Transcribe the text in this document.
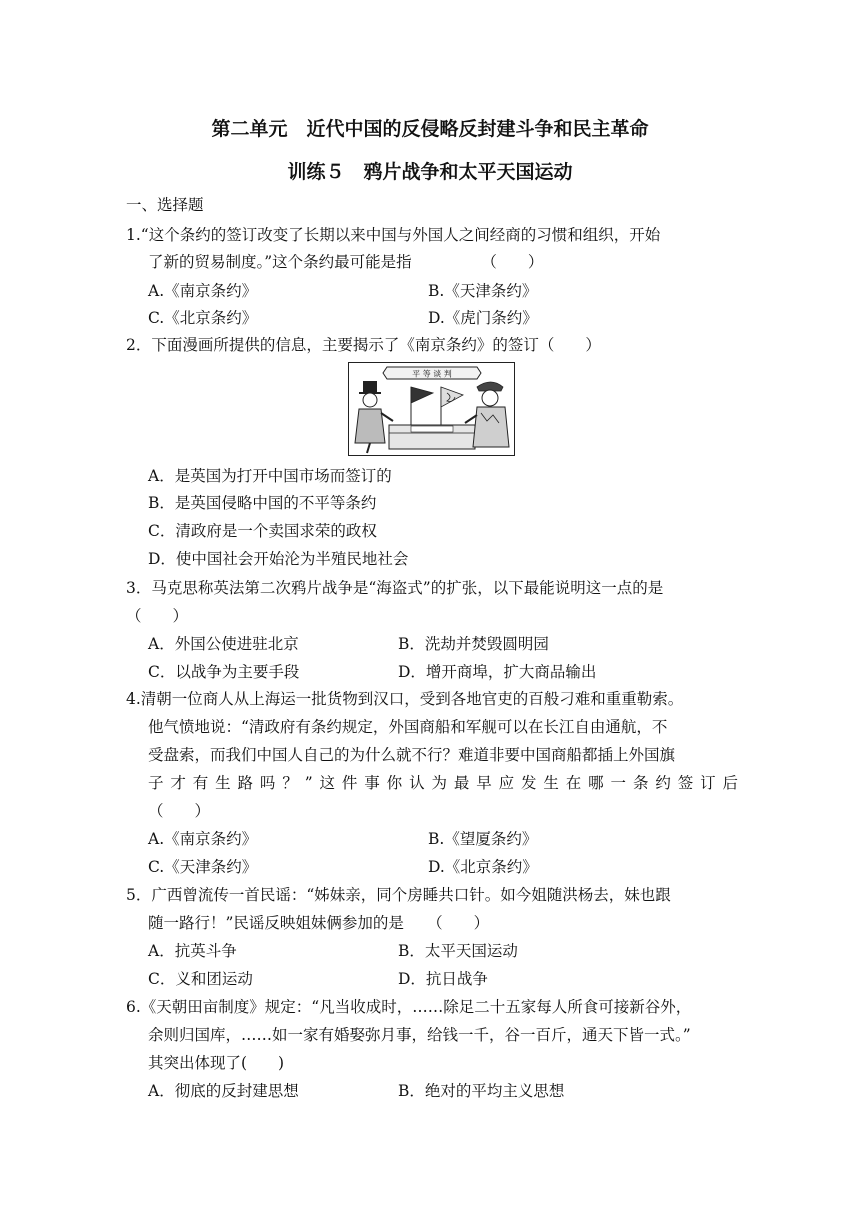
第二单元　近代中国的反侵略反封建斗争和民主革命
训练５　鸦片战争和太平天国运动
一、选择题
1.“这个条约的签订改变了长期以来中国与外国人之间经商的习惯和组织，开始
了新的贸易制度。”这个条约最可能是指　　　　　（　　）
A.《南京条约》	B.《天津条约》
C.《北京条约》	D.《虎门条约》
2．下面漫画所提供的信息，主要揭示了《南京条约》的签订（　　）
平 等 谈 判
A．是英国为打开中国市场而签订的
B．是英国侵略中国的不平等条约
C．清政府是一个卖国求荣的政权
D．使中国社会开始沦为半殖民地社会
3．马克思称英法第二次鸦片战争是“海盗式”的扩张，以下最能说明这一点的是
（　　）
A．外国公使进驻北京	B．洗劫并焚毁圆明园
C．以战争为主要手段	D．增开商埠，扩大商品输出
4.清朝一位商人从上海运一批货物到汉口，受到各地官吏的百般刁难和重重勒索。
他气愤地说：“清政府有条约规定，外国商船和军舰可以在长江自由通航，不
受盘索，而我们中国人自己的为什么就不行？难道非要中国商船都插上外国旗
子才有生路吗？”这件事你认为最早应发生在哪一条约签订后
（　　）
A.《南京条约》	B.《望厦条约》
C.《天津条约》	D.《北京条约》
5．广西曾流传一首民谣：“姊妹亲，同个房睡共口针。如今姐随洪杨去，妹也跟
随一路行！”民谣反映姐妹俩参加的是　　（　　）
A．抗英斗争	B．太平天国运动
C．义和团运动	D．抗日战争
6.《天朝田亩制度》规定：“凡当收成时，……除足二十五家每人所食可接新谷外，
余则归国库，……如一家有婚娶弥月事，给钱一千，谷一百斤，通天下皆一式。”
其突出体现了(　　)
A．彻底的反封建思想	B．绝对的平均主义思想
